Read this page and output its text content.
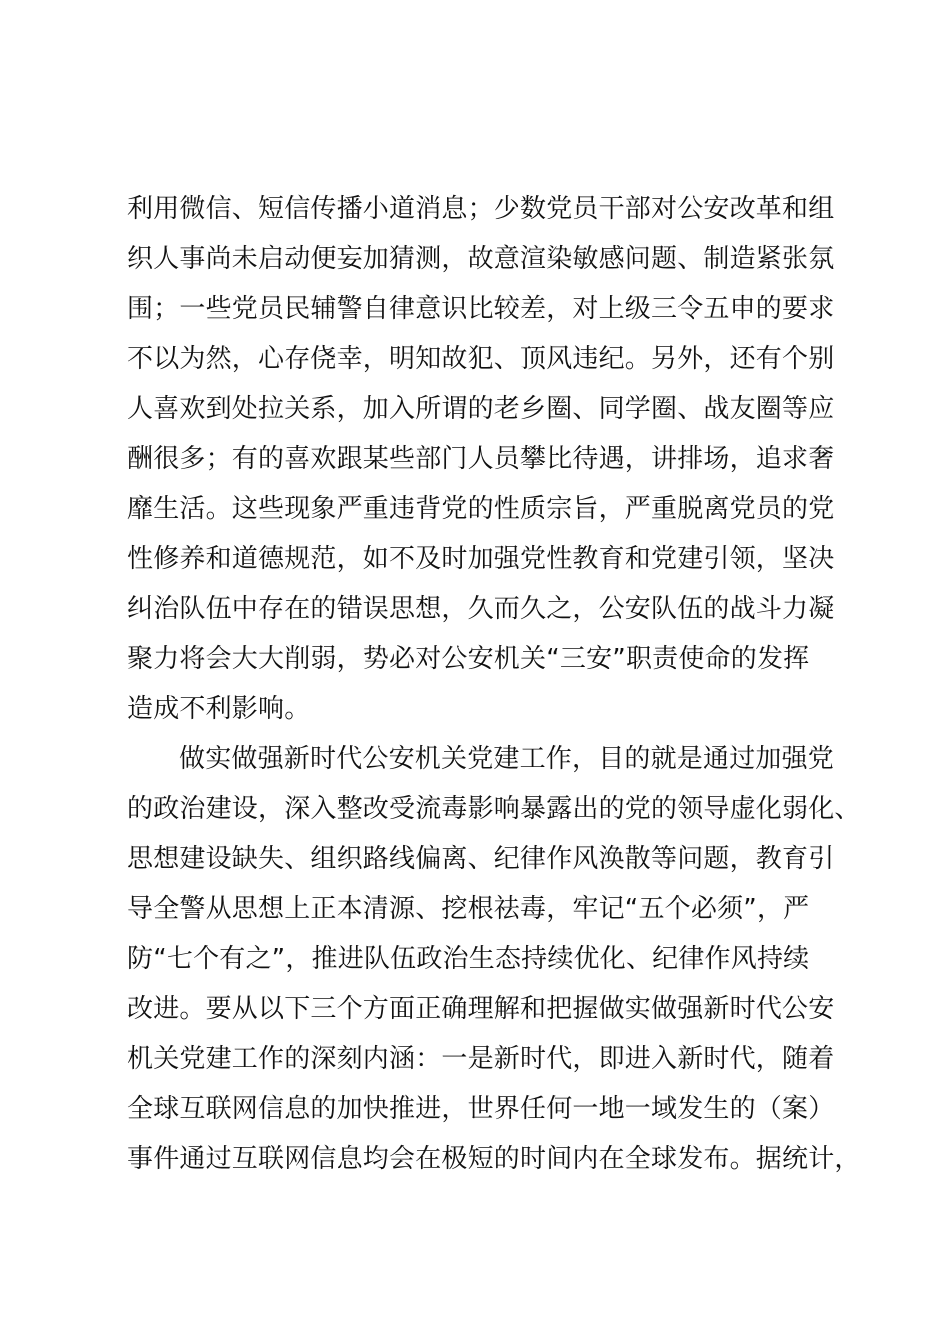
利用微信、短信传播小道消息；少数党员干部对公安改革和组
织人事尚未启动便妄加猜测，故意渲染敏感问题、制造紧张氛
围；一些党员民辅警自律意识比较差，对上级三令五申的要求
不以为然，心存侥幸，明知故犯、顶风违纪。另外，还有个别
人喜欢到处拉关系，加入所谓的老乡圈、同学圈、战友圈等应
酬很多；有的喜欢跟某些部门人员攀比待遇，讲排场，追求奢
靡生活。这些现象严重违背党的性质宗旨，严重脱离党员的党
性修养和道德规范，如不及时加强党性教育和党建引领，坚决
纠治队伍中存在的错误思想，久而久之，公安队伍的战斗力凝
聚力将会大大削弱，势必对公安机关“三安”职责使命的发挥
造成不利影响。
做实做强新时代公安机关党建工作，目的就是通过加强党
的政治建设，深入整改受流毒影响暴露出的党的领导虚化弱化、
思想建设缺失、组织路线偏离、纪律作风涣散等问题，教育引
导全警从思想上正本清源、挖根祛毒，牢记“五个必须”，严
防“七个有之”，推进队伍政治生态持续优化、纪律作风持续
改进。要从以下三个方面正确理解和把握做实做强新时代公安
机关党建工作的深刻内涵：一是新时代，即进入新时代，随着
全球互联网信息的加快推进，世界任何一地一域发生的（案）
事件通过互联网信息均会在极短的时间内在全球发布。据统计，
